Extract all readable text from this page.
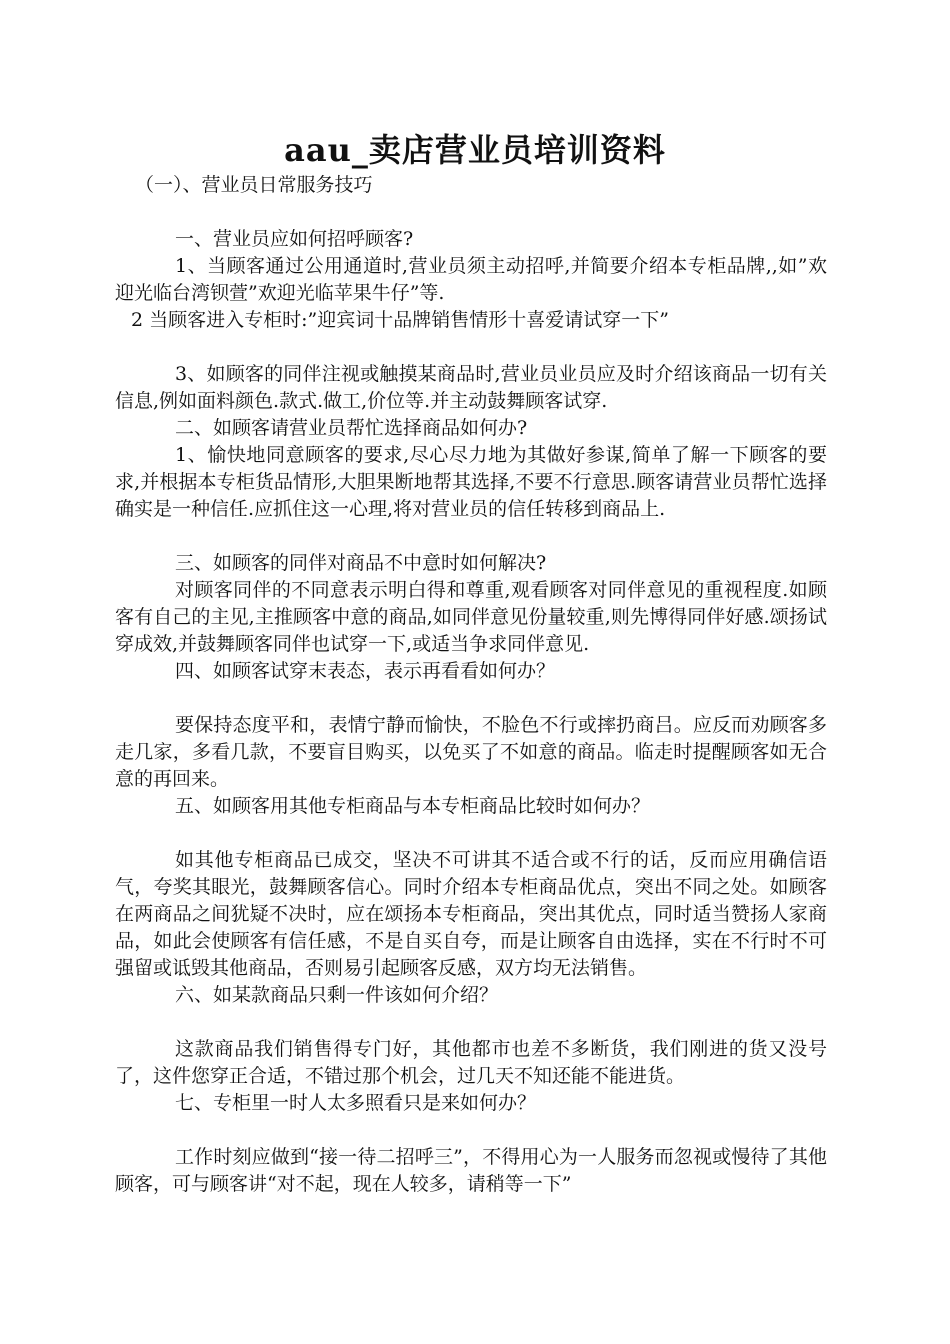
aau_卖店营业员培训资料

（一）、营业员日常服务技巧

一、营业员应如何招呼顾客?

1、当顾客通过公用通道时,营业员须主动招呼,并简要介绍本专柜品牌,,如”欢迎光临台湾钡萱”欢迎光临苹果牛仔”等.

2 当顾客进入专柜时:”迎宾词十品牌销售情形十喜爱请试穿一下”

3、如顾客的同伴注视或触摸某商品时,营业员业员应及时介绍该商品一切有关信息,例如面料颜色.款式.做工,价位等.并主动鼓舞顾客试穿.

二、如顾客请营业员帮忙选择商品如何办?

1、愉快地同意顾客的要求,尽心尽力地为其做好参谋,简单了解一下顾客的要求,并根据本专柜货品情形,大胆果断地帮其选择,不要不行意思.顾客请营业员帮忙选择确实是一种信任.应抓住这一心理,将对营业员的信任转移到商品上.

三、如顾客的同伴对商品不中意时如何解决?

对顾客同伴的不同意表示明白得和尊重,观看顾客对同伴意见的重视程度.如顾客有自己的主见,主推顾客中意的商品,如同伴意见份量较重,则先博得同伴好感.颂扬试穿成效,并鼓舞顾客同伴也试穿一下,或适当争求同伴意见.

四、如顾客试穿末表态，表示再看看如何办？

要保持态度平和，表情宁静而愉快，不脸色不行或摔扔商吕。应反而劝顾客多走几家，多看几款，不要盲目购买，以免买了不如意的商品。临走时提醒顾客如无合意的再回来。

五、如顾客用其他专柜商品与本专柜商品比较时如何办？

如其他专柜商品已成交，坚决不可讲其不适合或不行的话，反而应用确信语气，夸奖其眼光，鼓舞顾客信心。同时介绍本专柜商品优点，突出不同之处。如顾客在两商品之间犹疑不决时，应在颂扬本专柜商品，突出其优点，同时适当赞扬人家商品，如此会使顾客有信任感，不是自买自夸，而是让顾客自由选择，实在不行时不可强留或诋毁其他商品，否则易引起顾客反感，双方均无法销售。

六、如某款商品只剩一件该如何介绍？

这款商品我们销售得专门好，其他都市也差不多断货，我们刚进的货又没号了，这件您穿正合适，不错过那个机会，过几天不知还能不能进货。

七、专柜里一时人太多照看只是来如何办？

工作时刻应做到“接一待二招呼三”，不得用心为一人服务而忽视或慢待了其他顾客，可与顾客讲“对不起，现在人较多，请稍等一下”
